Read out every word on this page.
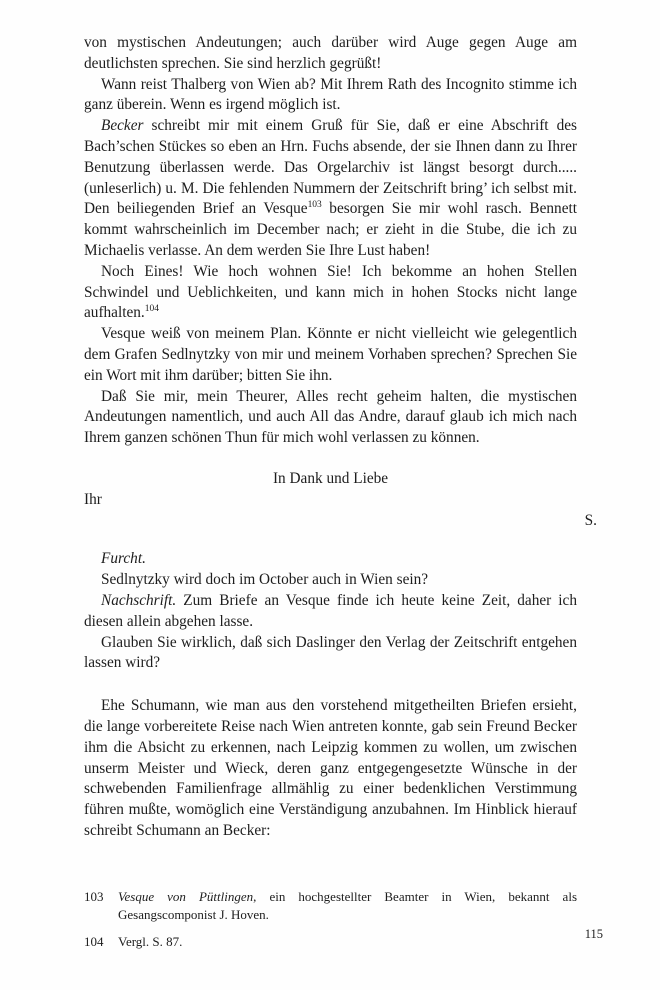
von mystischen Andeutungen; auch darüber wird Auge gegen Auge am deutlichsten sprechen. Sie sind herzlich gegrüßt!

Wann reist Thalberg von Wien ab? Mit Ihrem Rath des Incognito stimme ich ganz überein. Wenn es irgend möglich ist.

Becker schreibt mir mit einem Gruß für Sie, daß er eine Abschrift des Bach’schen Stückes so eben an Hrn. Fuchs absende, der sie Ihnen dann zu Ihrer Benutzung überlassen werde. Das Orgelarchiv ist längst besorgt durch..... (unleserlich) u. M. Die fehlenden Nummern der Zeitschrift bring’ ich selbst mit. Den beiliegenden Brief an Vesque$^{103}$ besorgen Sie mir wohl rasch. Bennett kommt wahrscheinlich im December nach; er zieht in die Stube, die ich zu Michaelis verlasse. An dem werden Sie Ihre Lust haben!

Noch Eines! Wie hoch wohnen Sie! Ich bekomme an hohen Stellen Schwindel und Ueblichkeiten, und kann mich in hohen Stocks nicht lange aufhalten.$^{104}$

Vesque weiß von meinem Plan. Könnte er nicht vielleicht wie gelegentlich dem Grafen Sedlnytzky von mir und meinem Vorhaben sprechen? Sprechen Sie ein Wort mit ihm darüber; bitten Sie ihn.

Daß Sie mir, mein Theurer, Alles recht geheim halten, die mystischen Andeutungen namentlich, und auch All das Andre, darauf glaub ich mich nach Ihrem ganzen schönen Thun für mich wohl verlassen zu können.

In Dank und Liebe

Ihr

S.

Furcht.

Sedlnytzky wird doch im October auch in Wien sein?

Nachschrift. Zum Briefe an Vesque finde ich heute keine Zeit, daher ich diesen allein abgehen lasse.

Glauben Sie wirklich, daß sich Daslinger den Verlag der Zeitschrift entgehen lassen wird?

Ehe Schumann, wie man aus den vorstehend mitgetheilten Briefen ersieht, die lange vorbereitete Reise nach Wien antreten konnte, gab sein Freund Becker ihm die Absicht zu erkennen, nach Leipzig kommen zu wollen, um zwischen unserm Meister und Wieck, deren ganz entgegengesetzte Wünsche in der schwebenden Familienfrage allmählig zu einer bedenklichen Verstimmung führen mußte, womöglich eine Verständigung anzubahnen. Im Hinblick hierauf schreibt Schumann an Becker:

103	Vesque von Püttlingen, ein hochgestellter Beamter in Wien, bekannt als Gesangscomponist J. Hoven.
104	Vergl. S. 87.	115
